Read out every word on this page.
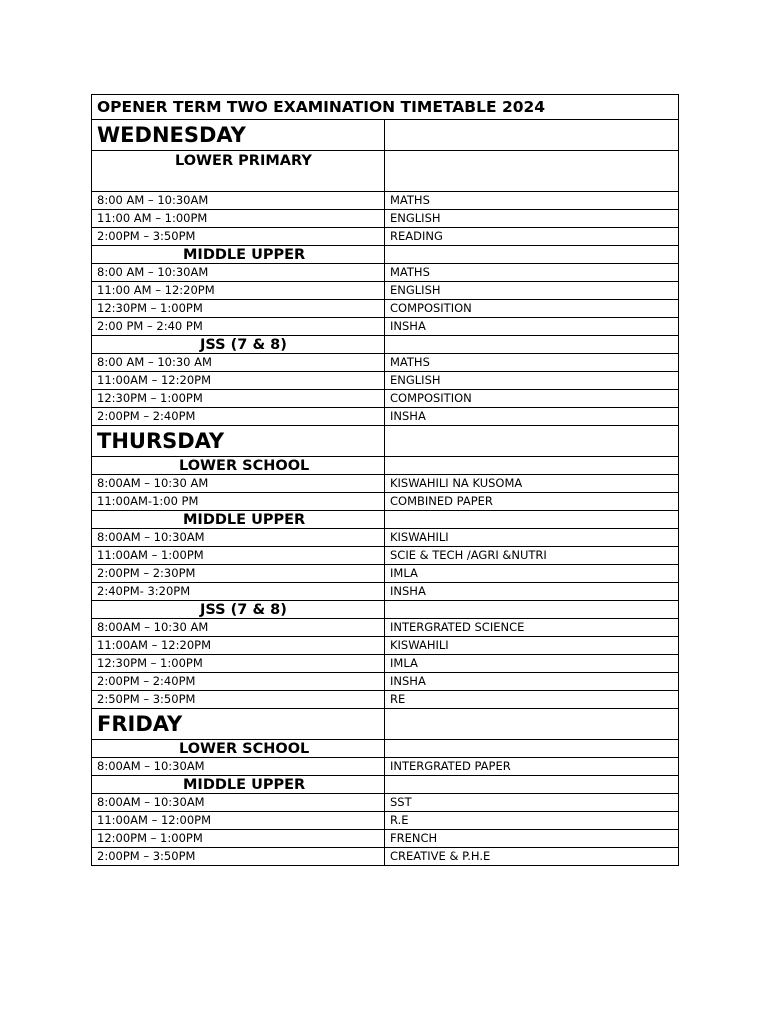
OPENER TERM TWO EXAMINATION TIMETABLE 2024	
WEDNESDAY	
LOWER PRIMARY	
8:00 AM – 10:30AM	MATHS
11:00 AM – 1:00PM	ENGLISH
2:00PM – 3:50PM	READING
MIDDLE UPPER	
8:00 AM – 10:30AM	MATHS
11:00 AM – 12:20PM	ENGLISH
12:30PM – 1:00PM	COMPOSITION
2:00 PM – 2:40 PM	INSHA
JSS (7 & 8)	
8:00 AM – 10:30 AM	MATHS
11:00AM – 12:20PM	ENGLISH
12:30PM – 1:00PM	COMPOSITION
2:00PM – 2:40PM	INSHA
THURSDAY	
LOWER SCHOOL	
8:00AM – 10:30 AM	KISWAHILI NA KUSOMA
11:00AM-1:00 PM	COMBINED PAPER
MIDDLE UPPER	
8:00AM – 10:30AM	KISWAHILI
11:00AM – 1:00PM	SCIE & TECH /AGRI &NUTRI
2:00PM – 2:30PM	IMLA
2:40PM- 3:20PM	INSHA
JSS (7 & 8)	
8:00AM – 10:30 AM	INTERGRATED SCIENCE
11:00AM – 12:20PM	KISWAHILI
12:30PM – 1:00PM	IMLA
2:00PM – 2:40PM	INSHA
2:50PM – 3:50PM	RE
FRIDAY	
LOWER SCHOOL	
8:00AM – 10:30AM	INTERGRATED PAPER
MIDDLE UPPER	
8:00AM – 10:30AM	SST
11:00AM – 12:00PM	R.E
12:00PM – 1:00PM	FRENCH
2:00PM – 3:50PM	CREATIVE & P.H.E
